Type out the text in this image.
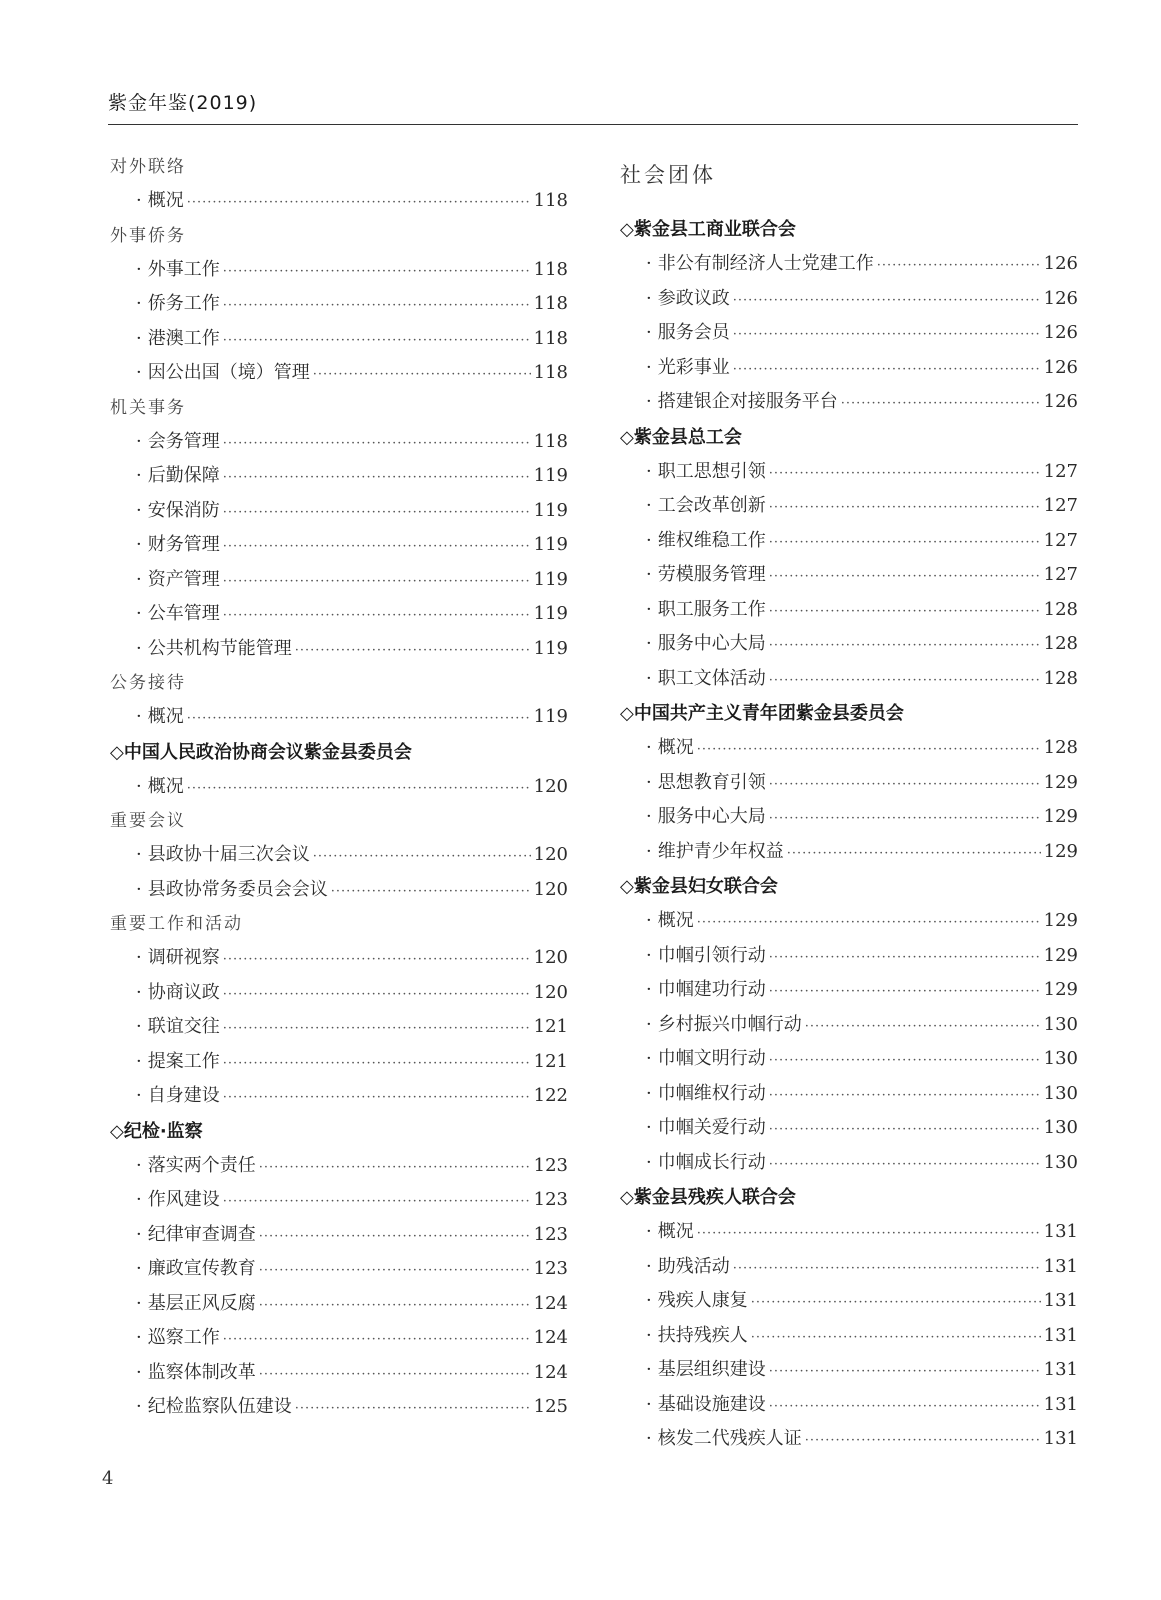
紫金年鉴(2019)
对外联络
· 概况 ·····	118
外事侨务
· 外事工作 ·····	118
· 侨务工作 ·····	118
· 港澳工作 ·····	118
· 因公出国（境）管理 ·····	118
机关事务
· 会务管理 ·····	118
· 后勤保障 ·····	119
· 安保消防 ·····	119
· 财务管理 ·····	119
· 资产管理 ·····	119
· 公车管理 ·····	119
· 公共机构节能管理 ·····	119
公务接待
· 概况 ·····	119
◇中国人民政治协商会议紫金县委员会
· 概况 ·····	120
重要会议
· 县政协十届三次会议 ·····	120
· 县政协常务委员会会议 ·····	120
重要工作和活动
· 调研视察 ·····	120
· 协商议政 ·····	120
· 联谊交往 ·····	121
· 提案工作 ·····	121
· 自身建设 ·····	122
◇纪检·监察
· 落实两个责任 ·····	123
· 作风建设 ·····	123
· 纪律审查调查 ·····	123
· 廉政宣传教育 ·····	123
· 基层正风反腐 ·····	124
· 巡察工作 ·····	124
· 监察体制改革 ·····	124
· 纪检监察队伍建设 ·····	125
社会团体
◇紫金县工商业联合会
· 非公有制经济人士党建工作 ·····	126
· 参政议政 ·····	126
· 服务会员 ·····	126
· 光彩事业 ·····	126
· 搭建银企对接服务平台 ·····	126
◇紫金县总工会
· 职工思想引领 ·····	127
· 工会改革创新 ·····	127
· 维权维稳工作 ·····	127
· 劳模服务管理 ·····	127
· 职工服务工作 ·····	128
· 服务中心大局 ·····	128
· 职工文体活动 ·····	128
◇中国共产主义青年团紫金县委员会
· 概况 ·····	128
· 思想教育引领 ·····	129
· 服务中心大局 ·····	129
· 维护青少年权益 ·····	129
◇紫金县妇女联合会
· 概况 ·····	129
· 巾帼引领行动 ·····	129
· 巾帼建功行动 ·····	129
· 乡村振兴巾帼行动 ·····	130
· 巾帼文明行动 ·····	130
· 巾帼维权行动 ·····	130
· 巾帼关爱行动 ·····	130
· 巾帼成长行动 ·····	130
◇紫金县残疾人联合会
· 概况 ·····	131
· 助残活动 ·····	131
· 残疾人康复 ·····	131
· 扶持残疾人 ·····	131
· 基层组织建设 ·····	131
· 基础设施建设 ·····	131
· 核发二代残疾人证 ·····	131
4
